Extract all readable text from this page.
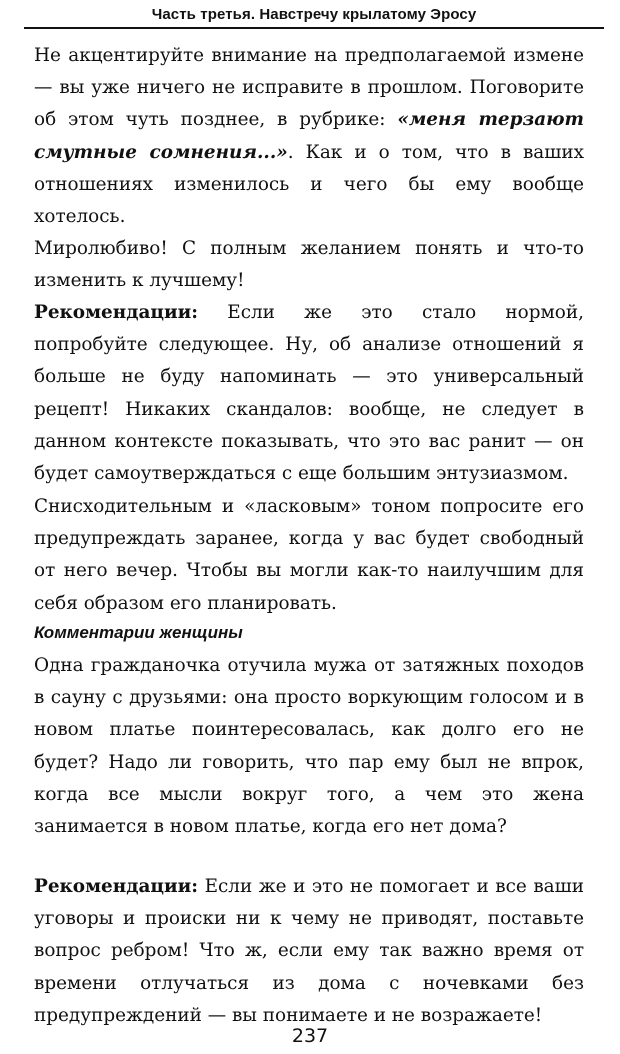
Часть третья. Навстречу крылатому Эросу

Не акцентируйте внимание на предполагаемой измене — вы уже ничего не исправите в прошлом. Поговорите об этом чуть позднее, в рубрике: «меня терзают смутные сомнения...». Как и о том, что в ваших отношениях изменилось и чего бы ему вообще хотелось.

Миролюбиво! С полным желанием понять и что-то изменить к лучшему!

Рекомендации: Если же это стало нормой, попробуйте следующее. Ну, об анализе отношений я больше не буду напоминать — это универсальный рецепт! Никаких скандалов: вообще, не следует в данном контексте показывать, что это вас ранит — он будет самоутверждаться с еще большим энтузиазмом.

Снисходительным и «ласковым» тоном попросите его предупреждать заранее, когда у вас будет свободный от него вечер. Чтобы вы могли как-то наилучшим для себя образом его планировать.

Комментарии женщины

Одна гражданочка отучила мужа от затяжных походов в сауну с друзьями: она просто воркующим голосом и в новом платье поинтересовалась, как долго его не будет? Надо ли говорить, что пар ему был не впрок, когда все мысли вокруг того, а чем это жена занимается в новом платье, когда его нет дома?

Рекомендации: Если же и это не помогает и все ваши уговоры и происки ни к чему не приводят, поставьте вопрос ребром! Что ж, если ему так важно время от времени отлучаться из дома с ночевками без предупреждений — вы понимаете и не возражаете!

237
